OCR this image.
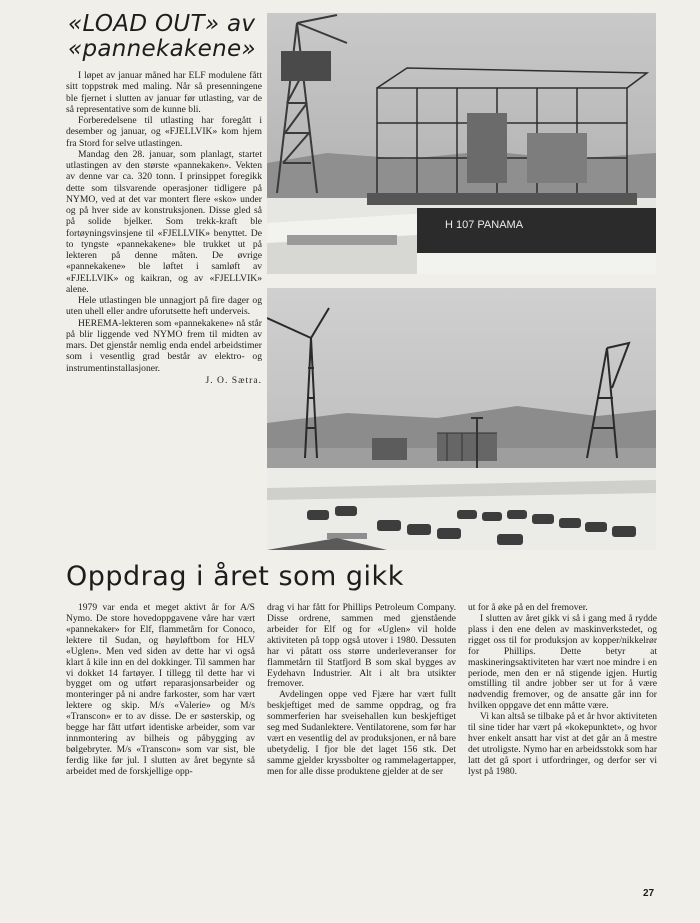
«LOAD OUT» av «pannekakene»

I løpet av januar måned har ELF modulene fått sitt toppstrøk med maling. Når så presenningene ble fjernet i slutten av januar før utlasting, var de så representative som de kunne bli.

Forberedelsene til utlasting har foregått i desember og januar, og «FJELLVIK» kom hjem fra Stord for selve utlastingen.

Mandag den 28. januar, som planlagt, startet utlastingen av den største «pannekaken». Vekten av denne var ca. 320 tonn. I prinsippet foregikk dette som tilsvarende operasjoner tidligere på NYMO, ved at det var montert flere «sko» under og på hver side av konstruksjonen. Disse gled så på solide bjelker. Som trekk-kraft ble fortøyningsvinsjene til «FJELLVIK» benyttet. De to tyngste «pannekakene» ble trukket ut på lekteren på denne måten. De øvrige «pannekakene» ble løftet i samløft av «FJELLVIK» og kaikran, og av «FJELLVIK» alene.

Hele utlastingen ble unnagjort på fire dager og uten uhell eller andre uforutsette heft underveis.

HEREMA-lekteren som «pannekakene» nå står på blir liggende ved NYMO frem til midten av mars. Det gjenstår nemlig enda endel arbeidstimer som i vesentlig grad består av elektro- og instrumentinstallasjoner.

J. O. Sætra.
H 107 PANAMA
Oppdrag i året som gikk

1979 var enda et meget aktivt år for A/S Nymo. De store hovedoppgavene våre har vært «pannekaker» for Elf, flammetårn for Conoco, lektere til Sudan, og høyløftbom for HLV «Uglen». Men ved siden av dette har vi også klart å kile inn en del dokkinger. Til sammen har vi dokket 14 fartøyer. I tillegg til dette har vi bygget om og utført reparasjonsarbeider og monteringer på ni andre farkoster, som har vært lektere og skip. M/s «Valerie» og M/s «Transcon» er to av disse. De er søsterskip, og begge har fått utført identiske arbeider, som var innmontering av bilheis og påbygging av bølgebryter. M/s «Transcon» som var sist, ble ferdig like før jul. I slutten av året begynte så arbeidet med de forskjellige opp-

drag vi har fått for Phillips Petroleum Company. Disse ordrene, sammen med gjenstående arbeider for Elf og for «Uglen» vil holde aktiviteten på topp også utover i 1980. Dessuten har vi påtatt oss større underleveranser for flammetårn til Statfjord B som skal bygges av Eydehavn Industrier. Alt i alt bra utsikter fremover.

Avdelingen oppe ved Fjære har vært fullt beskjeftiget med de samme oppdrag, og fra sommerferien har sveisehallen kun beskjeftiget seg med Sudanlektere. Ventilatorene, som før har vært en vesentlig del av produksjonen, er nå bare ubetydelig. I fjor ble det laget 156 stk. Det samme gjelder kryssbolter og rammelagertapper, men for alle disse produktene gjelder at de ser

ut for å øke på en del fremover.

I slutten av året gikk vi så i gang med å rydde plass i den ene delen av maskinverkstedet, og rigget oss til for produksjon av kopper/nikkelrør for Phillips. Dette betyr at maskineringsaktiviteten har vært noe mindre i en periode, men den er nå stigende igjen. Hurtig omstilling til andre jobber ser ut for å være nødvendig fremover, og de ansatte går inn for hvilken oppgave det enn måtte være.

Vi kan altså se tilbake på et år hvor aktiviteten til sine tider har vært på «kokepunktet», og hvor hver enkelt ansatt har vist at det går an å mestre det utroligste. Nymo har en arbeidsstokk som har latt det gå sport i utfordringer, og derfor ser vi lyst på 1980.

27
